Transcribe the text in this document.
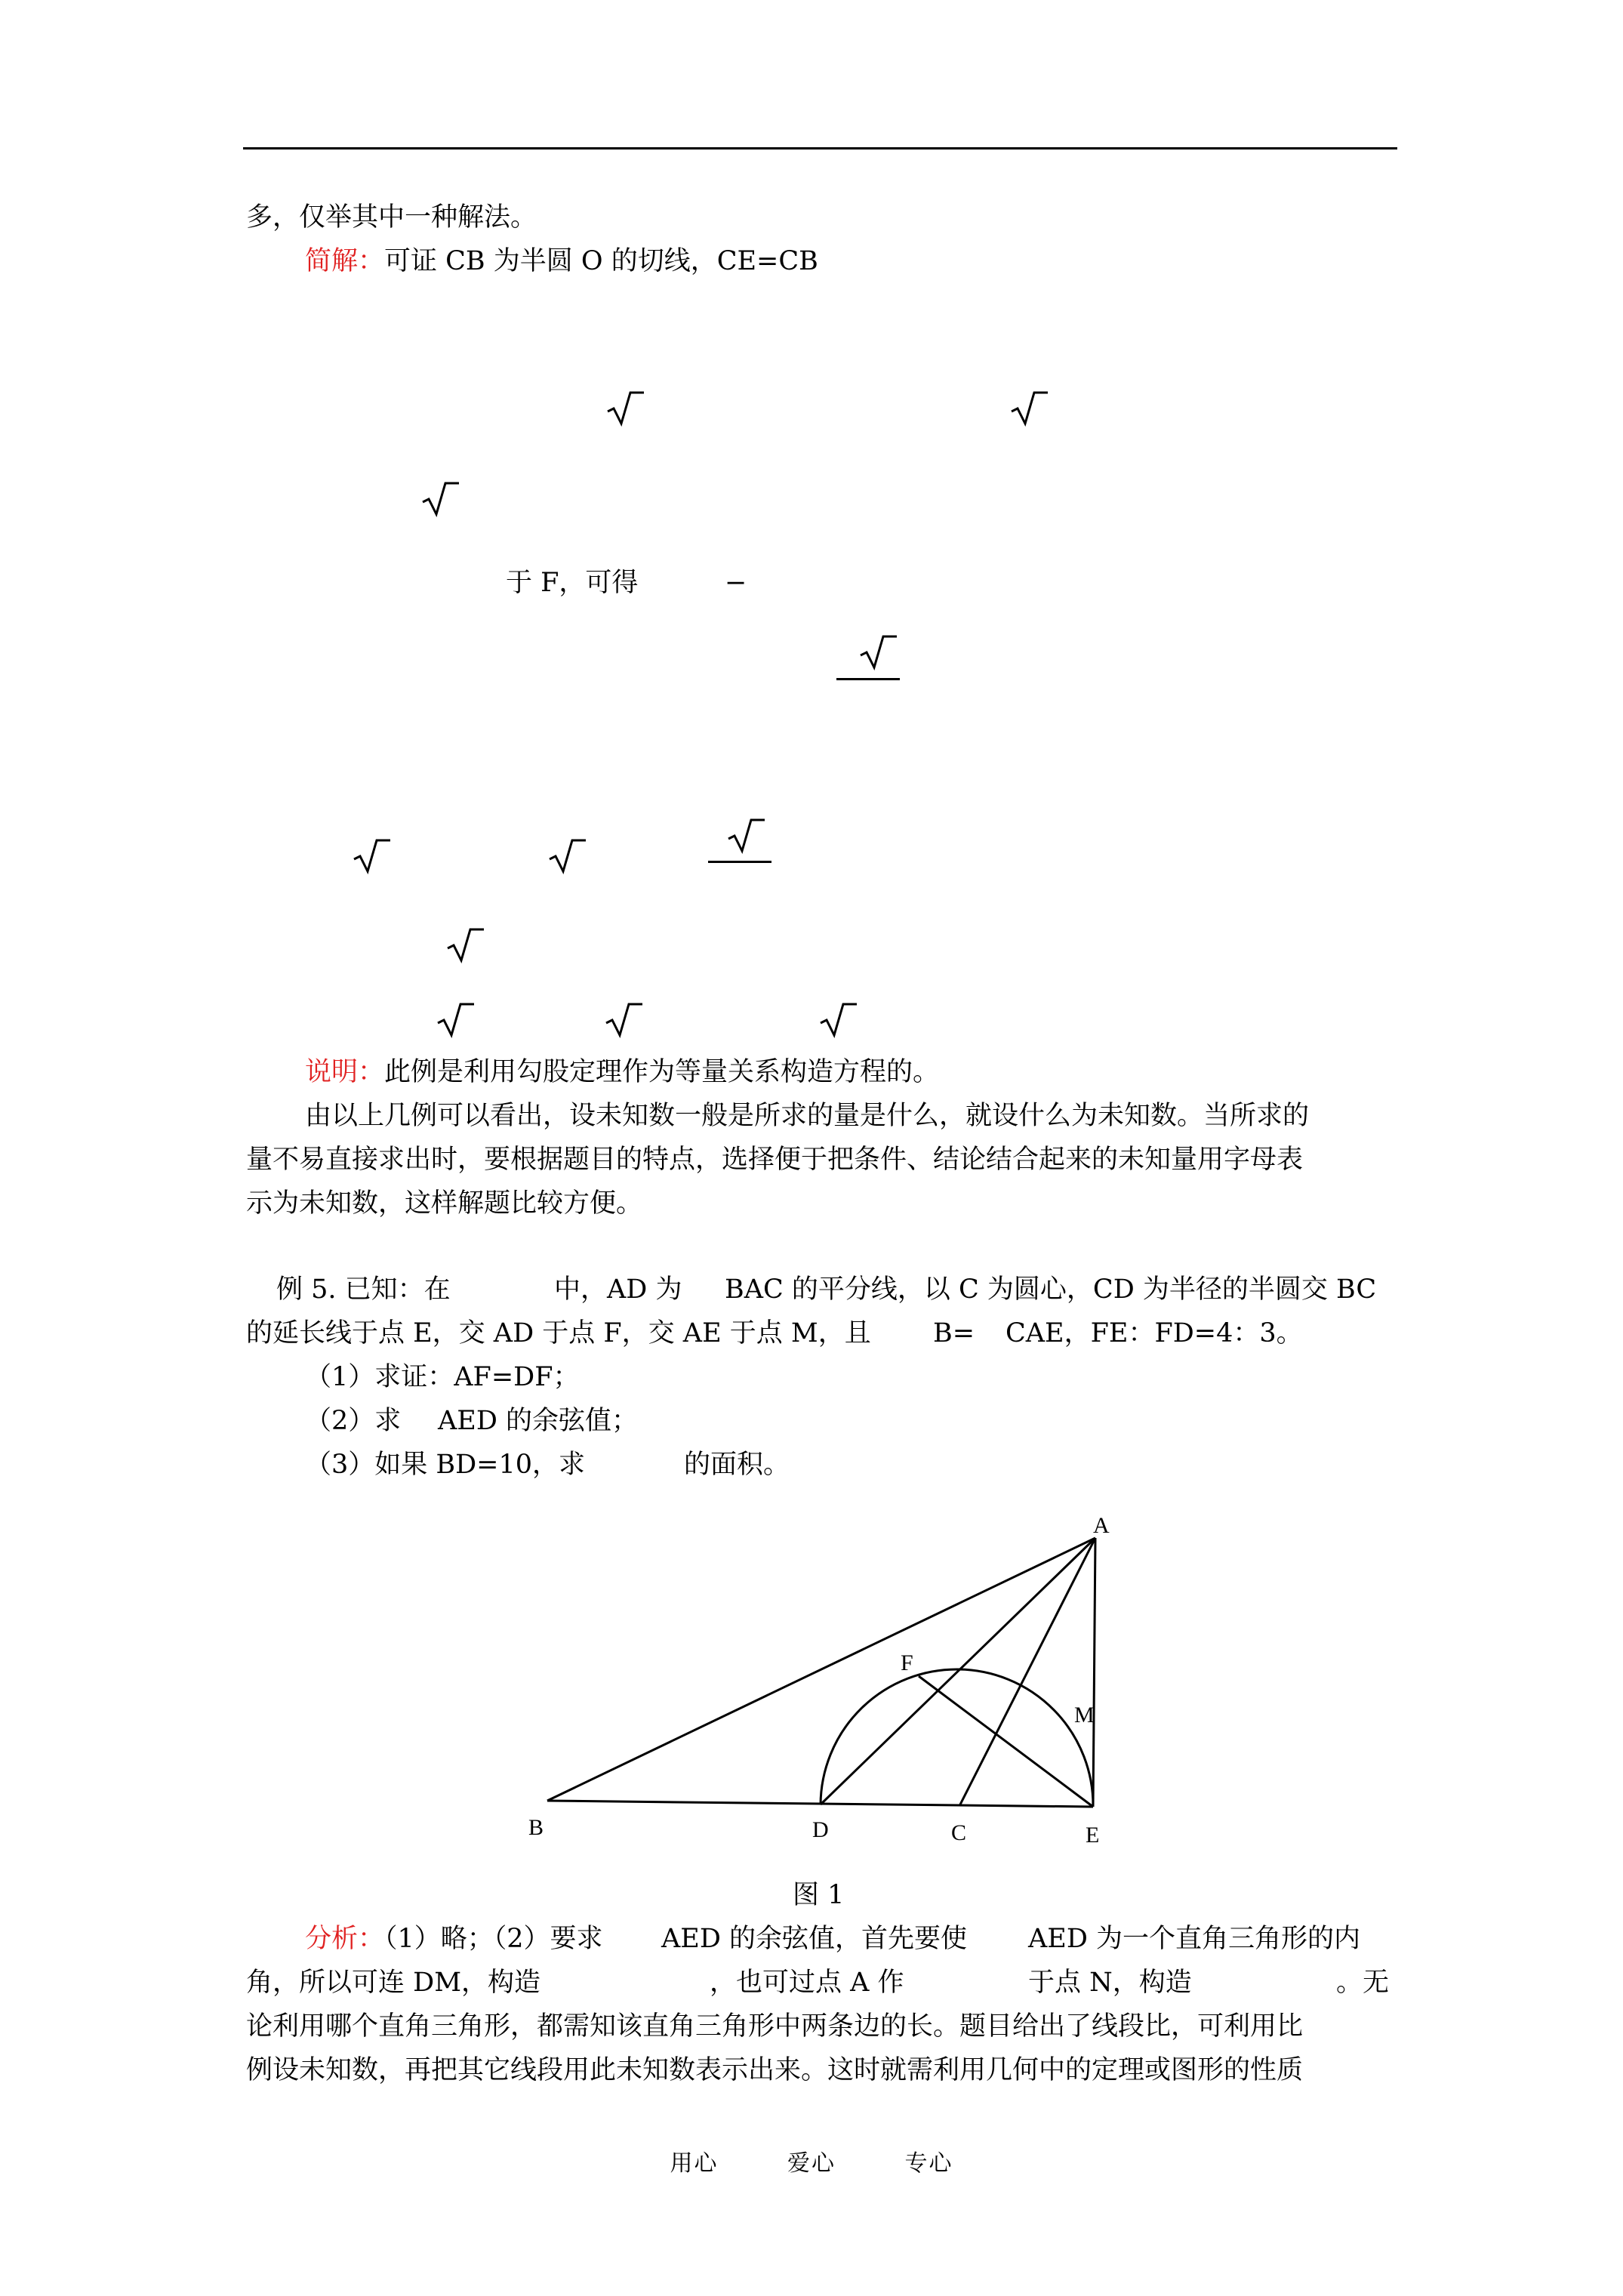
多，仅举其中一种解法。
简解：可证 CB 为半圆 O 的切线，CE=CB
于 F，可得	−
说明：此例是利用勾股定理作为等量关系构造方程的。
由以上几例可以看出，设未知数一般是所求的量是什么，就设什么为未知数。当所求的
量不易直接求出时，要根据题目的特点，选择便于把条件、结论结合起来的未知量用字母表
示为未知数，这样解题比较方便。
例 5. 已知：在	中，AD 为 BAC 的平分线，以 C 为圆心，CD 为半径的半圆交 BC
的延长线于点 E，交 AD 于点 F，交 AE 于点 M，且 B= CAE，FE：FD=4：3。
（1）求证：AF=DF；
（2）求 AED 的余弦值；
（3）如果 BD=10，求	的面积。
A
B	C
D	E
F
M
图 1
分析：（1）略；（2）要求 AED 的余弦值，首先要使 AED 为一个直角三角形的内
角，所以可连 DM，构造	，也可过点 A 作	于点 N，构造	。无
论利用哪个直角三角形，都需知该直角三角形中两条边的长。题目给出了线段比，可利用比
例设未知数，再把其它线段用此未知数表示出来。这时就需利用几何中的定理或图形的性质
用心	爱心	专心
